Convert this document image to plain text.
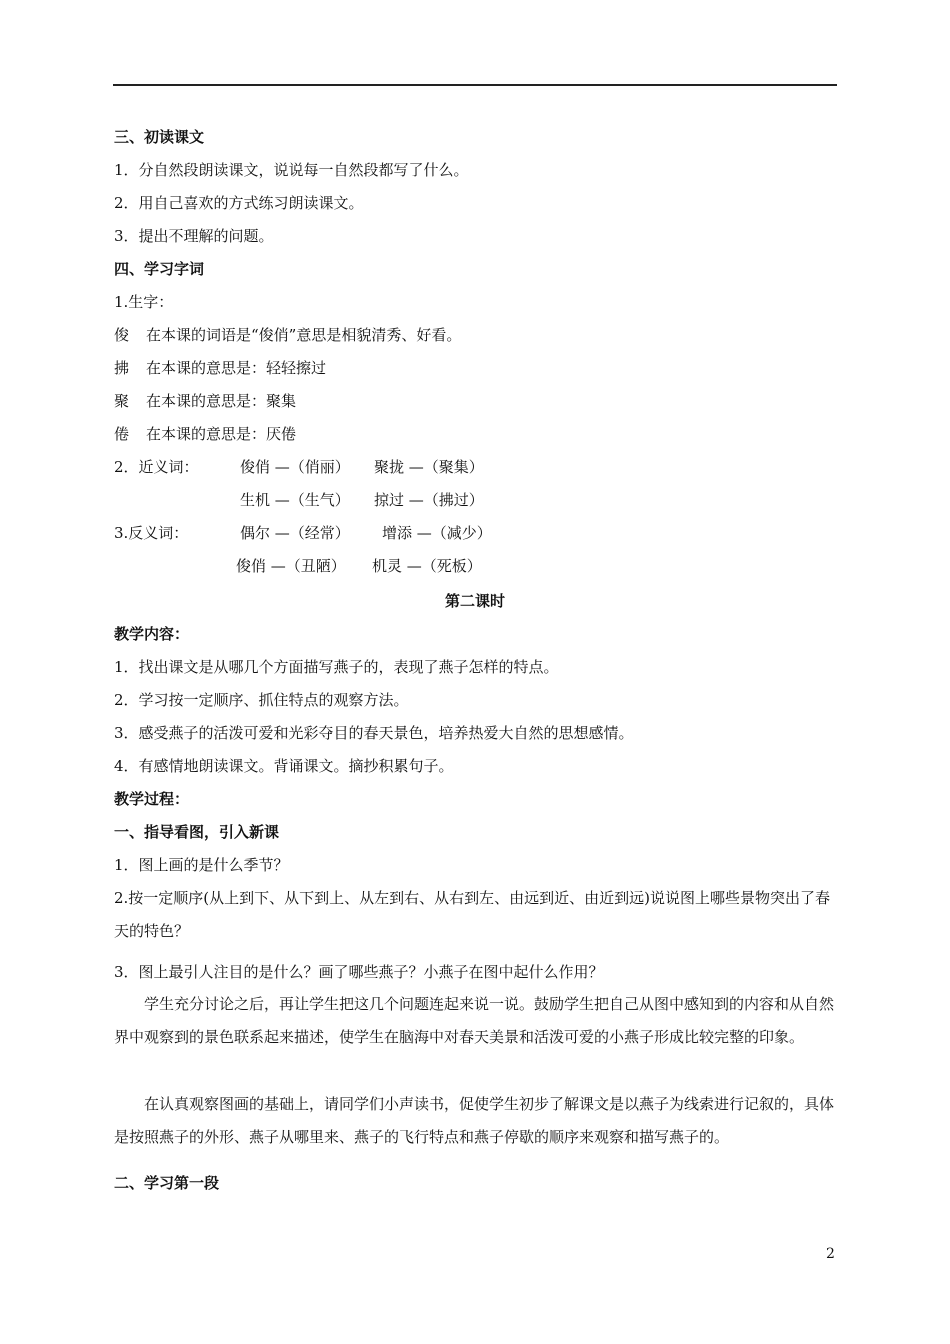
三、初读课文
1．分自然段朗读课文，说说每一自然段都写了什么。
2．用自己喜欢的方式练习朗读课文。
3．提出不理解的问题。
四、学习字词
1.生字：
俊 在本课的词语是“俊俏”意思是相貌清秀、好看。
拂 在本课的意思是：轻轻擦过
聚 在本课的意思是：聚集
倦 在本课的意思是：厌倦
2．近义词：	俊俏 —（俏丽） 聚拢 —（聚集）
生机 —（生气） 掠过 —（拂过）
3.反义词：	偶尔 —（经常） 增添 —（减少）
俊俏 —（丑陋） 机灵 —（死板）
第二课时
教学内容：
1．找出课文是从哪几个方面描写燕子的，表现了燕子怎样的特点。
2．学习按一定顺序、抓住特点的观察方法。
3．感受燕子的活泼可爱和光彩夺目的春天景色，培养热爱大自然的思想感情。
4．有感情地朗读课文。背诵课文。摘抄积累句子。
教学过程：
一、指导看图，引入新课
1．图上画的是什么季节？
2.按一定顺序(从上到下、从下到上、从左到右、从右到左、由远到近、由近到远)说说图上哪些景物突出了春天的特色？
3．图上最引人注目的是什么？画了哪些燕子？小燕子在图中起什么作用？
学生充分讨论之后，再让学生把这几个问题连起来说一说。鼓励学生把自己从图中感知到的内容和从自然界中观察到的景色联系起来描述，使学生在脑海中对春天美景和活泼可爱的小燕子形成比较完整的印象。
在认真观察图画的基础上，请同学们小声读书，促使学生初步了解课文是以燕子为线索进行记叙的，具体是按照燕子的外形、燕子从哪里来、燕子的飞行特点和燕子停歇的顺序来观察和描写燕子的。
二、学习第一段
2
